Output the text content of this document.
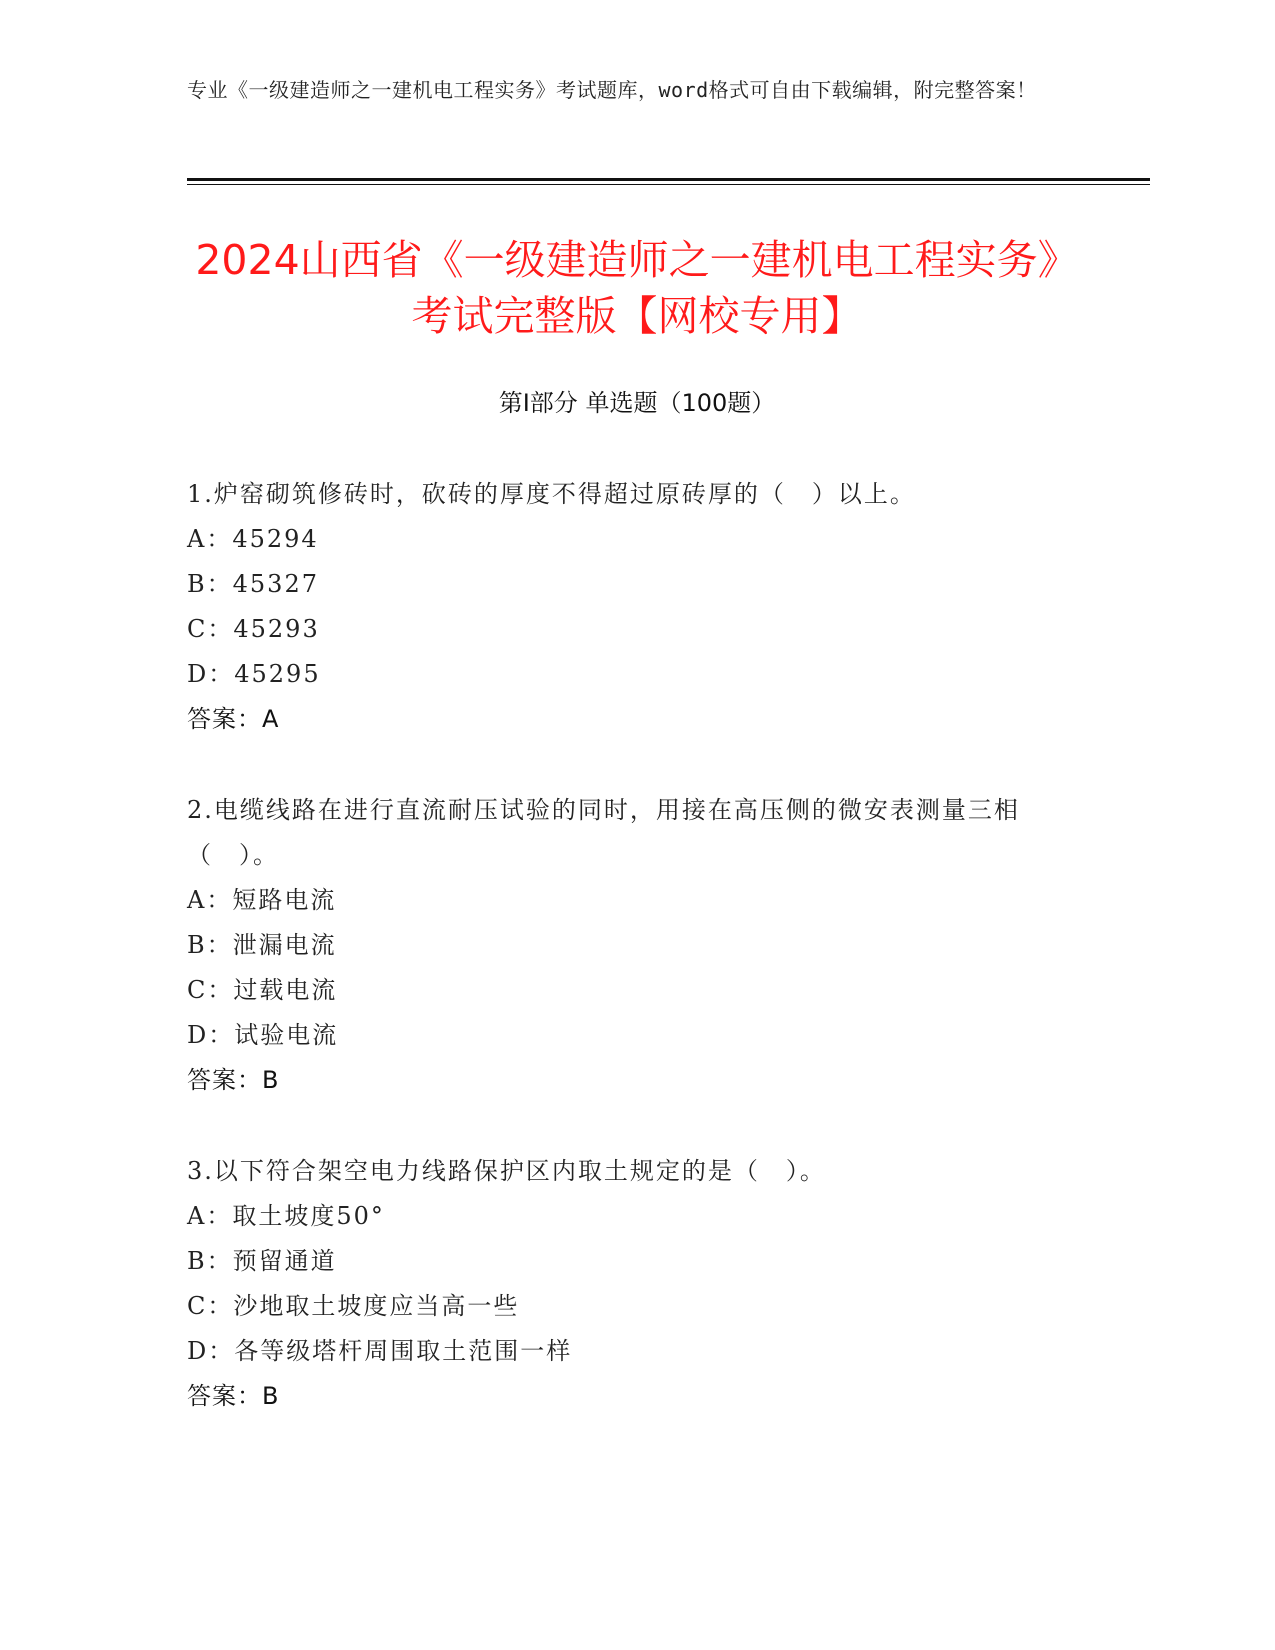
专业《一级建造师之一建机电工程实务》考试题库，word格式可自由下载编辑，附完整答案！
2024山西省《一级建造师之一建机电工程实务》考试完整版【网校专用】
第Ⅰ部分 单选题（100题）
1.炉窑砌筑修砖时，砍砖的厚度不得超过原砖厚的（　）以上。
A：45294
B：45327
C：45293
D：45295
答案：A
2.电缆线路在进行直流耐压试验的同时，用接在高压侧的微安表测量三相（　）。
A：短路电流
B：泄漏电流
C：过载电流
D：试验电流
答案：B
3.以下符合架空电力线路保护区内取土规定的是（　）。
A：取土坡度50°
B：预留通道
C：沙地取土坡度应当高一些
D：各等级塔杆周围取土范围一样
答案：B
